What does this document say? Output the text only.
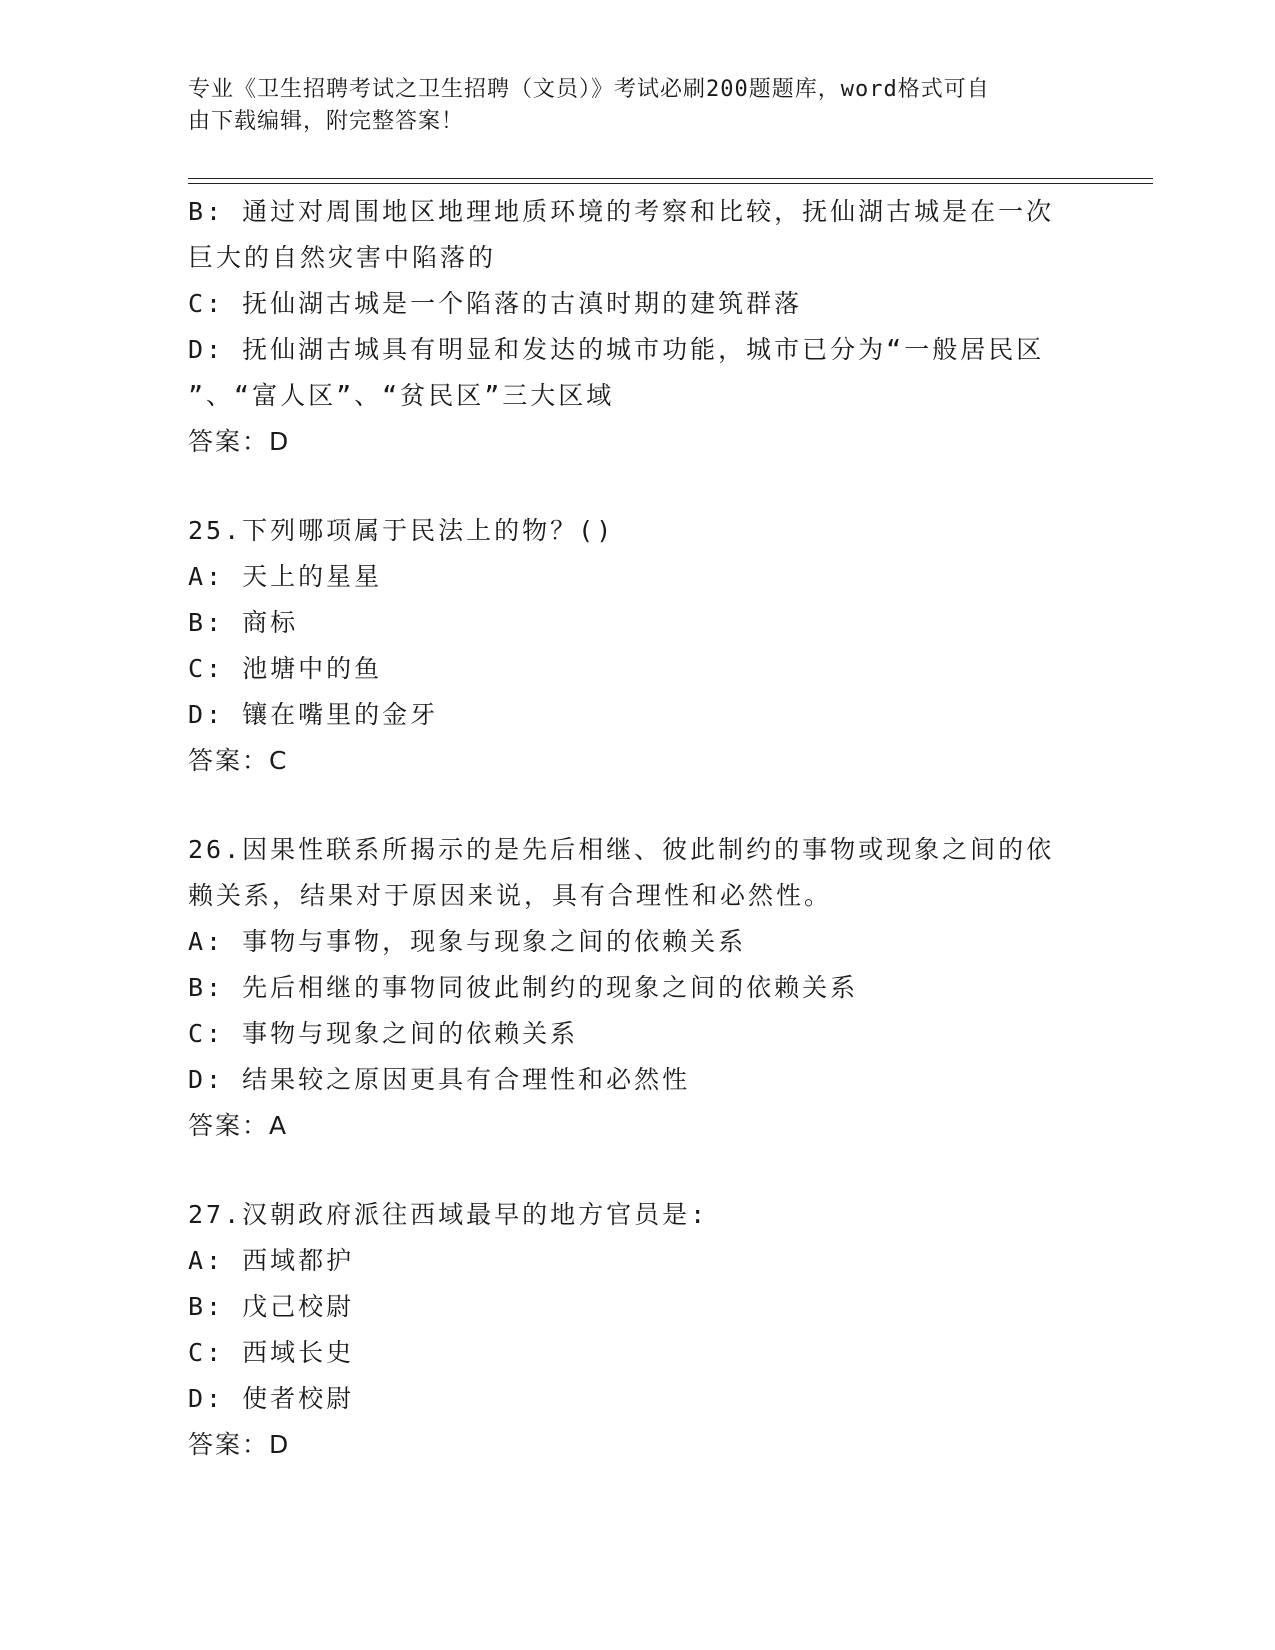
专业《卫生招聘考试之卫生招聘（文员）》考试必刷200题题库，word格式可自
由下载编辑，附完整答案！
B: 通过对周围地区地理地质环境的考察和比较，抚仙湖古城是在一次
巨大的自然灾害中陷落的
C: 抚仙湖古城是一个陷落的古滇时期的建筑群落
D: 抚仙湖古城具有明显和发达的城市功能，城市已分为“一般居民区
”、“富人区”、“贫民区”三大区域
答案：D
25.下列哪项属于民法上的物？()
A: 天上的星星
B: 商标
C: 池塘中的鱼
D: 镶在嘴里的金牙
答案：C
26.因果性联系所揭示的是先后相继、彼此制约的事物或现象之间的依
赖关系，结果对于原因来说，具有合理性和必然性。
A: 事物与事物，现象与现象之间的依赖关系
B: 先后相继的事物同彼此制约的现象之间的依赖关系
C: 事物与现象之间的依赖关系
D: 结果较之原因更具有合理性和必然性
答案：A
27.汉朝政府派往西域最早的地方官员是:
A: 西域都护
B: 戊己校尉
C: 西域长史
D: 使者校尉
答案：D
